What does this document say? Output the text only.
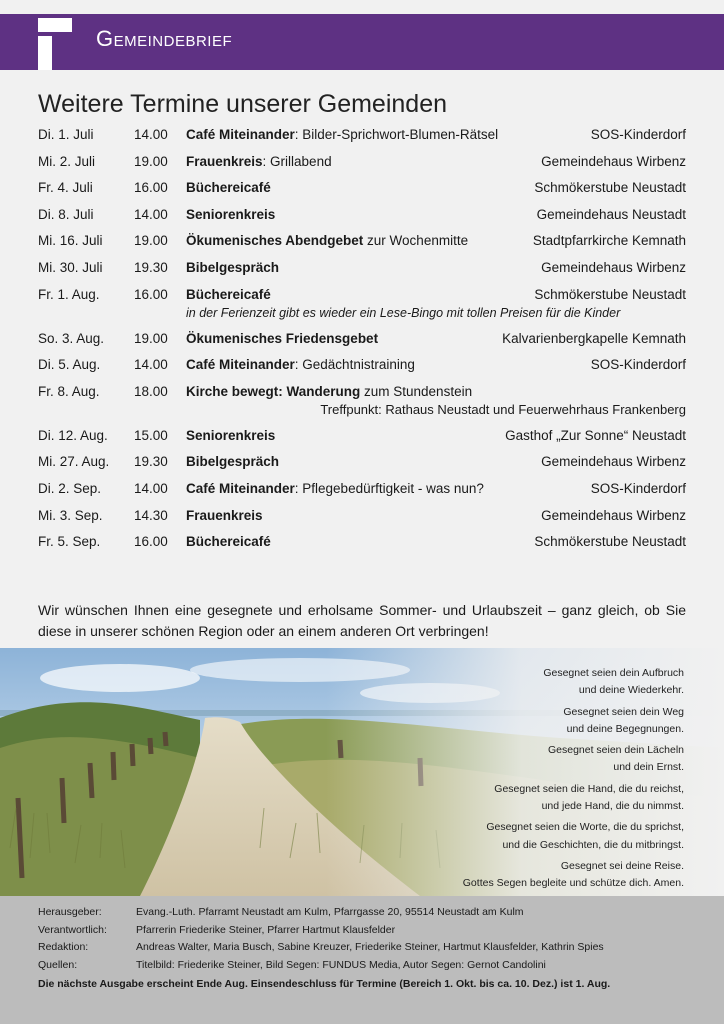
Gemeindebrief
Weitere Termine unserer Gemeinden
Di. 1. Juli	14.00 Café Miteinander: Bilder-Sprichwort-Blumen-Rätsel	SOS-Kinderdorf
Mi. 2. Juli	19.00 Frauenkreis: Grillabend	Gemeindehaus Wirbenz
Fr. 4. Juli	16.00 Büchereicafé	Schmökerstube Neustadt
Di. 8. Juli	14.00 Seniorenkreis	Gemeindehaus Neustadt
Mi. 16. Juli 19.00 Ökumenisches Abendgebet zur Wochenmitte	Stadtpfarrkirche Kemnath
Mi. 30. Juli 19.30 Bibelgespräch	Gemeindehaus Wirbenz
Fr. 1. Aug.	16.00 Büchereicafé	Schmökerstube Neustadt
in der Ferienzeit gibt es wieder ein Lese-Bingo mit tollen Preisen für die Kinder
So. 3. Aug. 19.00 Ökumenisches Friedensgebet	Kalvarienbergkapelle Kemnath
Di. 5. Aug. 14.00 Café Miteinander: Gedächtnistraining	SOS-Kinderdorf
Fr. 8. Aug.	18.00 Kirche bewegt: Wanderung zum Stundenstein
Treffpunkt: Rathaus Neustadt und Feuerwehrhaus Frankenberg
Di. 12. Aug. 15.00 Seniorenkreis	Gasthof „Zur Sonne“ Neustadt
Mi. 27. Aug. 19.30 Bibelgespräch	Gemeindehaus Wirbenz
Di. 2. Sep. 14.00 Café Miteinander: Pflegebedürftigkeit - was nun?	SOS-Kinderdorf
Mi. 3. Sep. 14.30 Frauenkreis	Gemeindehaus Wirbenz
Fr. 5. Sep. 16.00 Büchereicafé	Schmökerstube Neustadt

Wir wünschen Ihnen eine gesegnete und erholsame Sommer- und Urlaubszeit – ganz gleich, ob Sie diese in unserer schönen Region oder an einem anderen Ort verbringen!

Gesegnet seien dein Aufbruch
und deine Wiederkehr.
Gesegnet seien dein Weg
und deine Begegnungen.
Gesegnet seien dein Lächeln
und dein Ernst.
Gesegnet seien die Hand, die du reichst,
und jede Hand, die du nimmst.
Gesegnet seien die Worte, die du sprichst,
und die Geschichten, die du mitbringst.
Gesegnet sei deine Reise.
Gottes Segen begleite und schütze dich. Amen.
Herausgeber:	Evang.-Luth. Pfarramt Neustadt am Kulm, Pfarrgasse 20, 95514 Neustadt am Kulm
Verantwortlich:	Pfarrerin Friederike Steiner, Pfarrer Hartmut Klausfelder
Redaktion:	Andreas Walter, Maria Busch, Sabine Kreuzer, Friederike Steiner, Hartmut Klausfelder, Kathrin Spies
Quellen:	Titelbild: Friederike Steiner, Bild Segen: FUNDUS Media, Autor Segen: Gernot Candolini
Die nächste Ausgabe erscheint Ende Aug. Einsendeschluss für Termine (Bereich 1. Okt. bis ca. 10. Dez.) ist 1. Aug.
